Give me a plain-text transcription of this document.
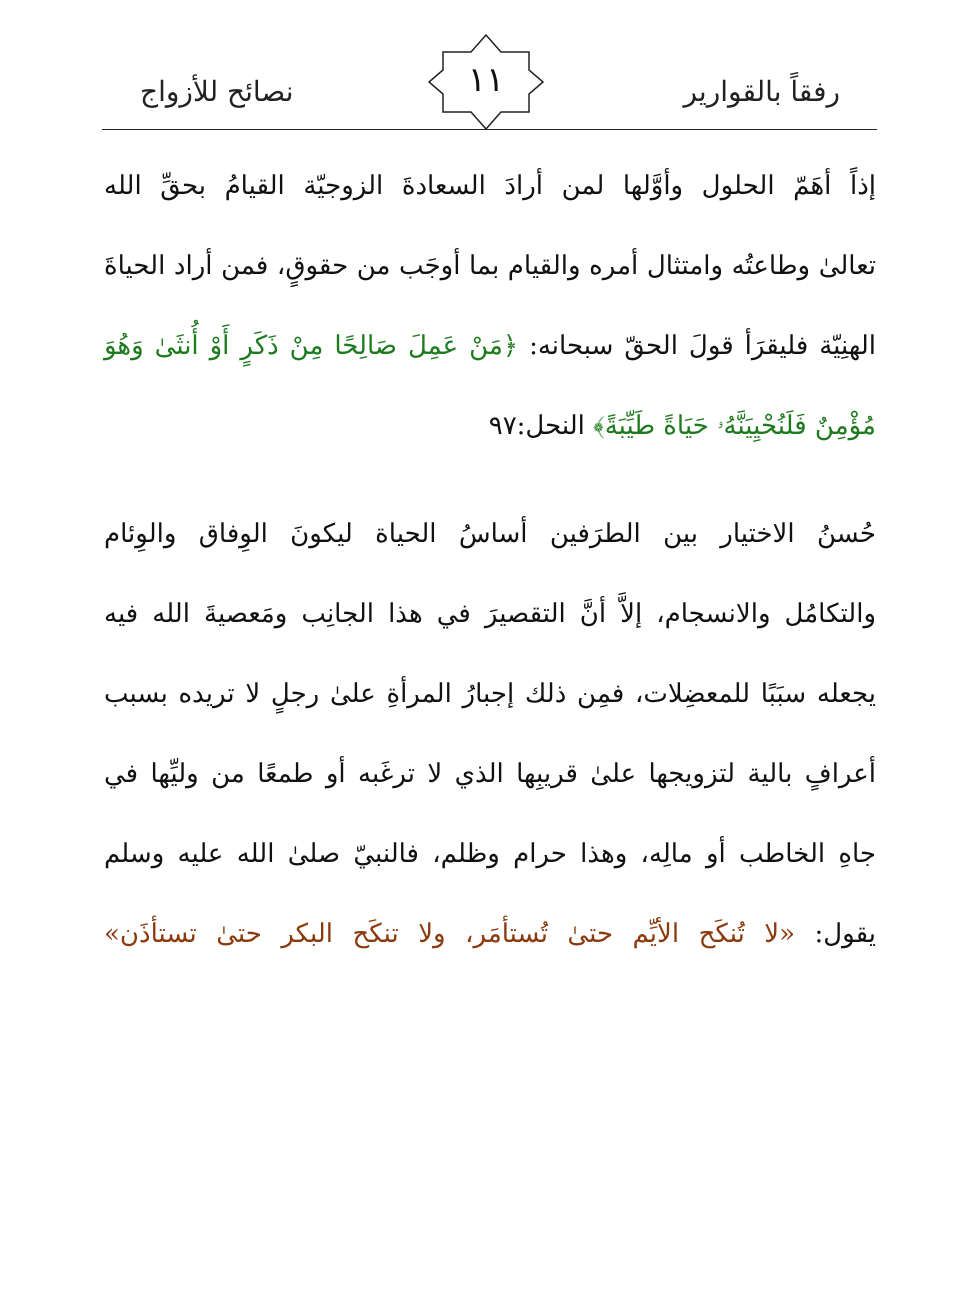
رفقاً بالقوارير
١١
نصائح للأزواج
إذاً أهَمّ الحلول وأوَّلها لمن أرادَ السعادةَ الزوجيّة القيامُ بحقِّ الله
تعالىٰ وطاعتُه وامتثال أمره والقيام بما أوجَب من حقوقٍ، فمن أراد الحياةَ
الهنِيّة فليقرَأ قولَ الحقّ سبحانه: ﴿مَنْ عَمِلَ صَالِحًا مِنْ ذَكَرٍ أَوْ أُنثَىٰ وَهُوَ
مُؤْمِنٌ فَلَنُحْيِيَنَّهُۥ حَيَاةً طَيِّبَةً﴾ النحل:٩٧
حُسنُ الاختيار بين الطرَفين أساسُ الحياة ليكونَ الوِفاق والوِئام
والتكامُل والانسجام، إلاَّ أنَّ التقصيرَ في هذا الجانِب ومَعصيةَ الله فيه
يجعله سبَبًا للمعضِلات، فمِن ذلك إجبارُ المرأةِ علىٰ رجلٍ لا تريده بسبب
أعرافٍ بالية لتزويجها علىٰ قريبِها الذي لا ترغَبه أو طمعًا من وليِّها في
جاهِ الخاطب أو مالِه، وهذا حرام وظلم، فالنبيّ صلىٰ الله عليه وسلم
يقول: «لا تُنكَح الأيِّم حتىٰ تُستأمَر، ولا تنكَح البكر حتىٰ تستأذَن»
